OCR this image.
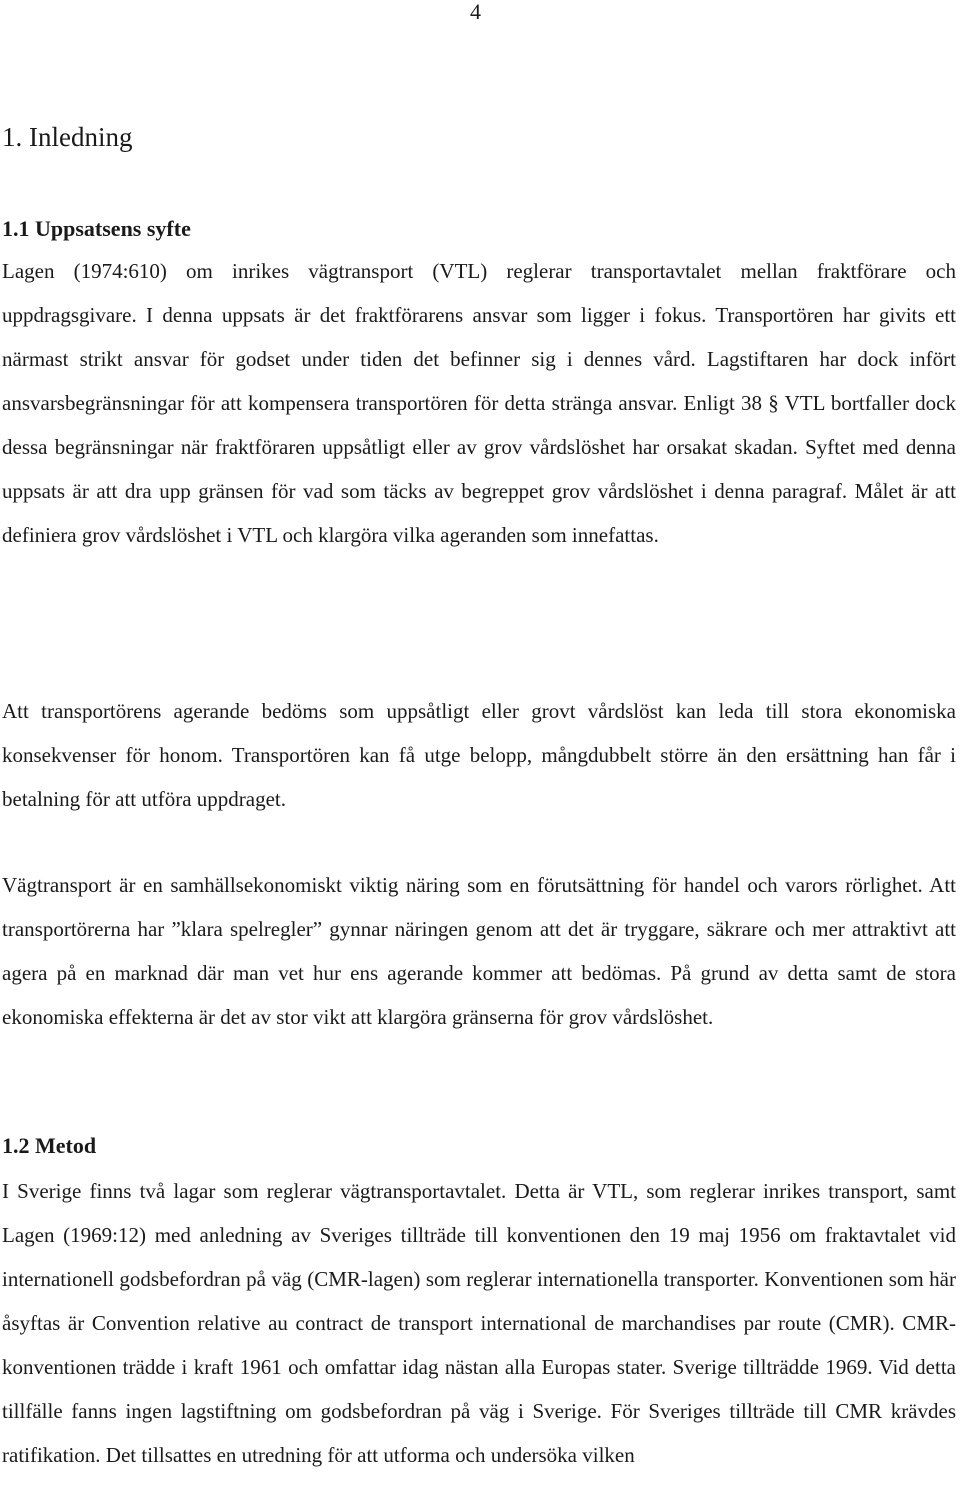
4
1. Inledning
1.1 Uppsatsens syfte

Lagen (1974:610) om inrikes vägtransport (VTL) reglerar transportavtalet mellan fraktförare och uppdragsgivare. I denna uppsats är det fraktförarens ansvar som ligger i fokus. Transportören har givits ett närmast strikt ansvar för godset under tiden det befinner sig i dennes vård. Lagstiftaren har dock infört ansvarsbegränsningar för att kompensera transportören för detta stränga ansvar. Enligt 38 § VTL bortfaller dock dessa begränsningar när fraktföraren uppsåtligt eller av grov vårdslöshet har orsakat skadan. Syftet med denna uppsats är att dra upp gränsen för vad som täcks av begreppet grov vårdslöshet i denna paragraf. Målet är att definiera grov vårdslöshet i VTL och klargöra vilka ageranden som innefattas.

Att transportörens agerande bedöms som uppsåtligt eller grovt vårdslöst kan leda till stora ekonomiska konsekvenser för honom. Transportören kan få utge belopp, mångdubbelt större än den ersättning han får i betalning för att utföra uppdraget.

Vägtransport är en samhällsekonomiskt viktig näring som en förutsättning för handel och varors rörlighet. Att transportörerna har ”klara spelregler” gynnar näringen genom att det är tryggare, säkrare och mer attraktivt att agera på en marknad där man vet hur ens agerande kommer att bedömas. På grund av detta samt de stora ekonomiska effekterna är det av stor vikt att klargöra gränserna för grov vårdslöshet.

1.2 Metod

I Sverige finns två lagar som reglerar vägtransportavtalet. Detta är VTL, som reglerar inrikes transport, samt Lagen (1969:12) med anledning av Sveriges tillträde till konventionen den 19 maj 1956 om fraktavtalet vid internationell godsbefordran på väg (CMR-lagen) som reglerar internationella transporter. Konventionen som här åsyftas är Convention relative au contract de transport international de marchandises par route (CMR). CMR-konventionen trädde i kraft 1961 och omfattar idag nästan alla Europas stater. Sverige tillträdde 1969. Vid detta tillfälle fanns ingen lagstiftning om godsbefordran på väg i Sverige. För Sveriges tillträde till CMR krävdes ratifikation. Det tillsattes en utredning för att utforma och undersöka vilken
